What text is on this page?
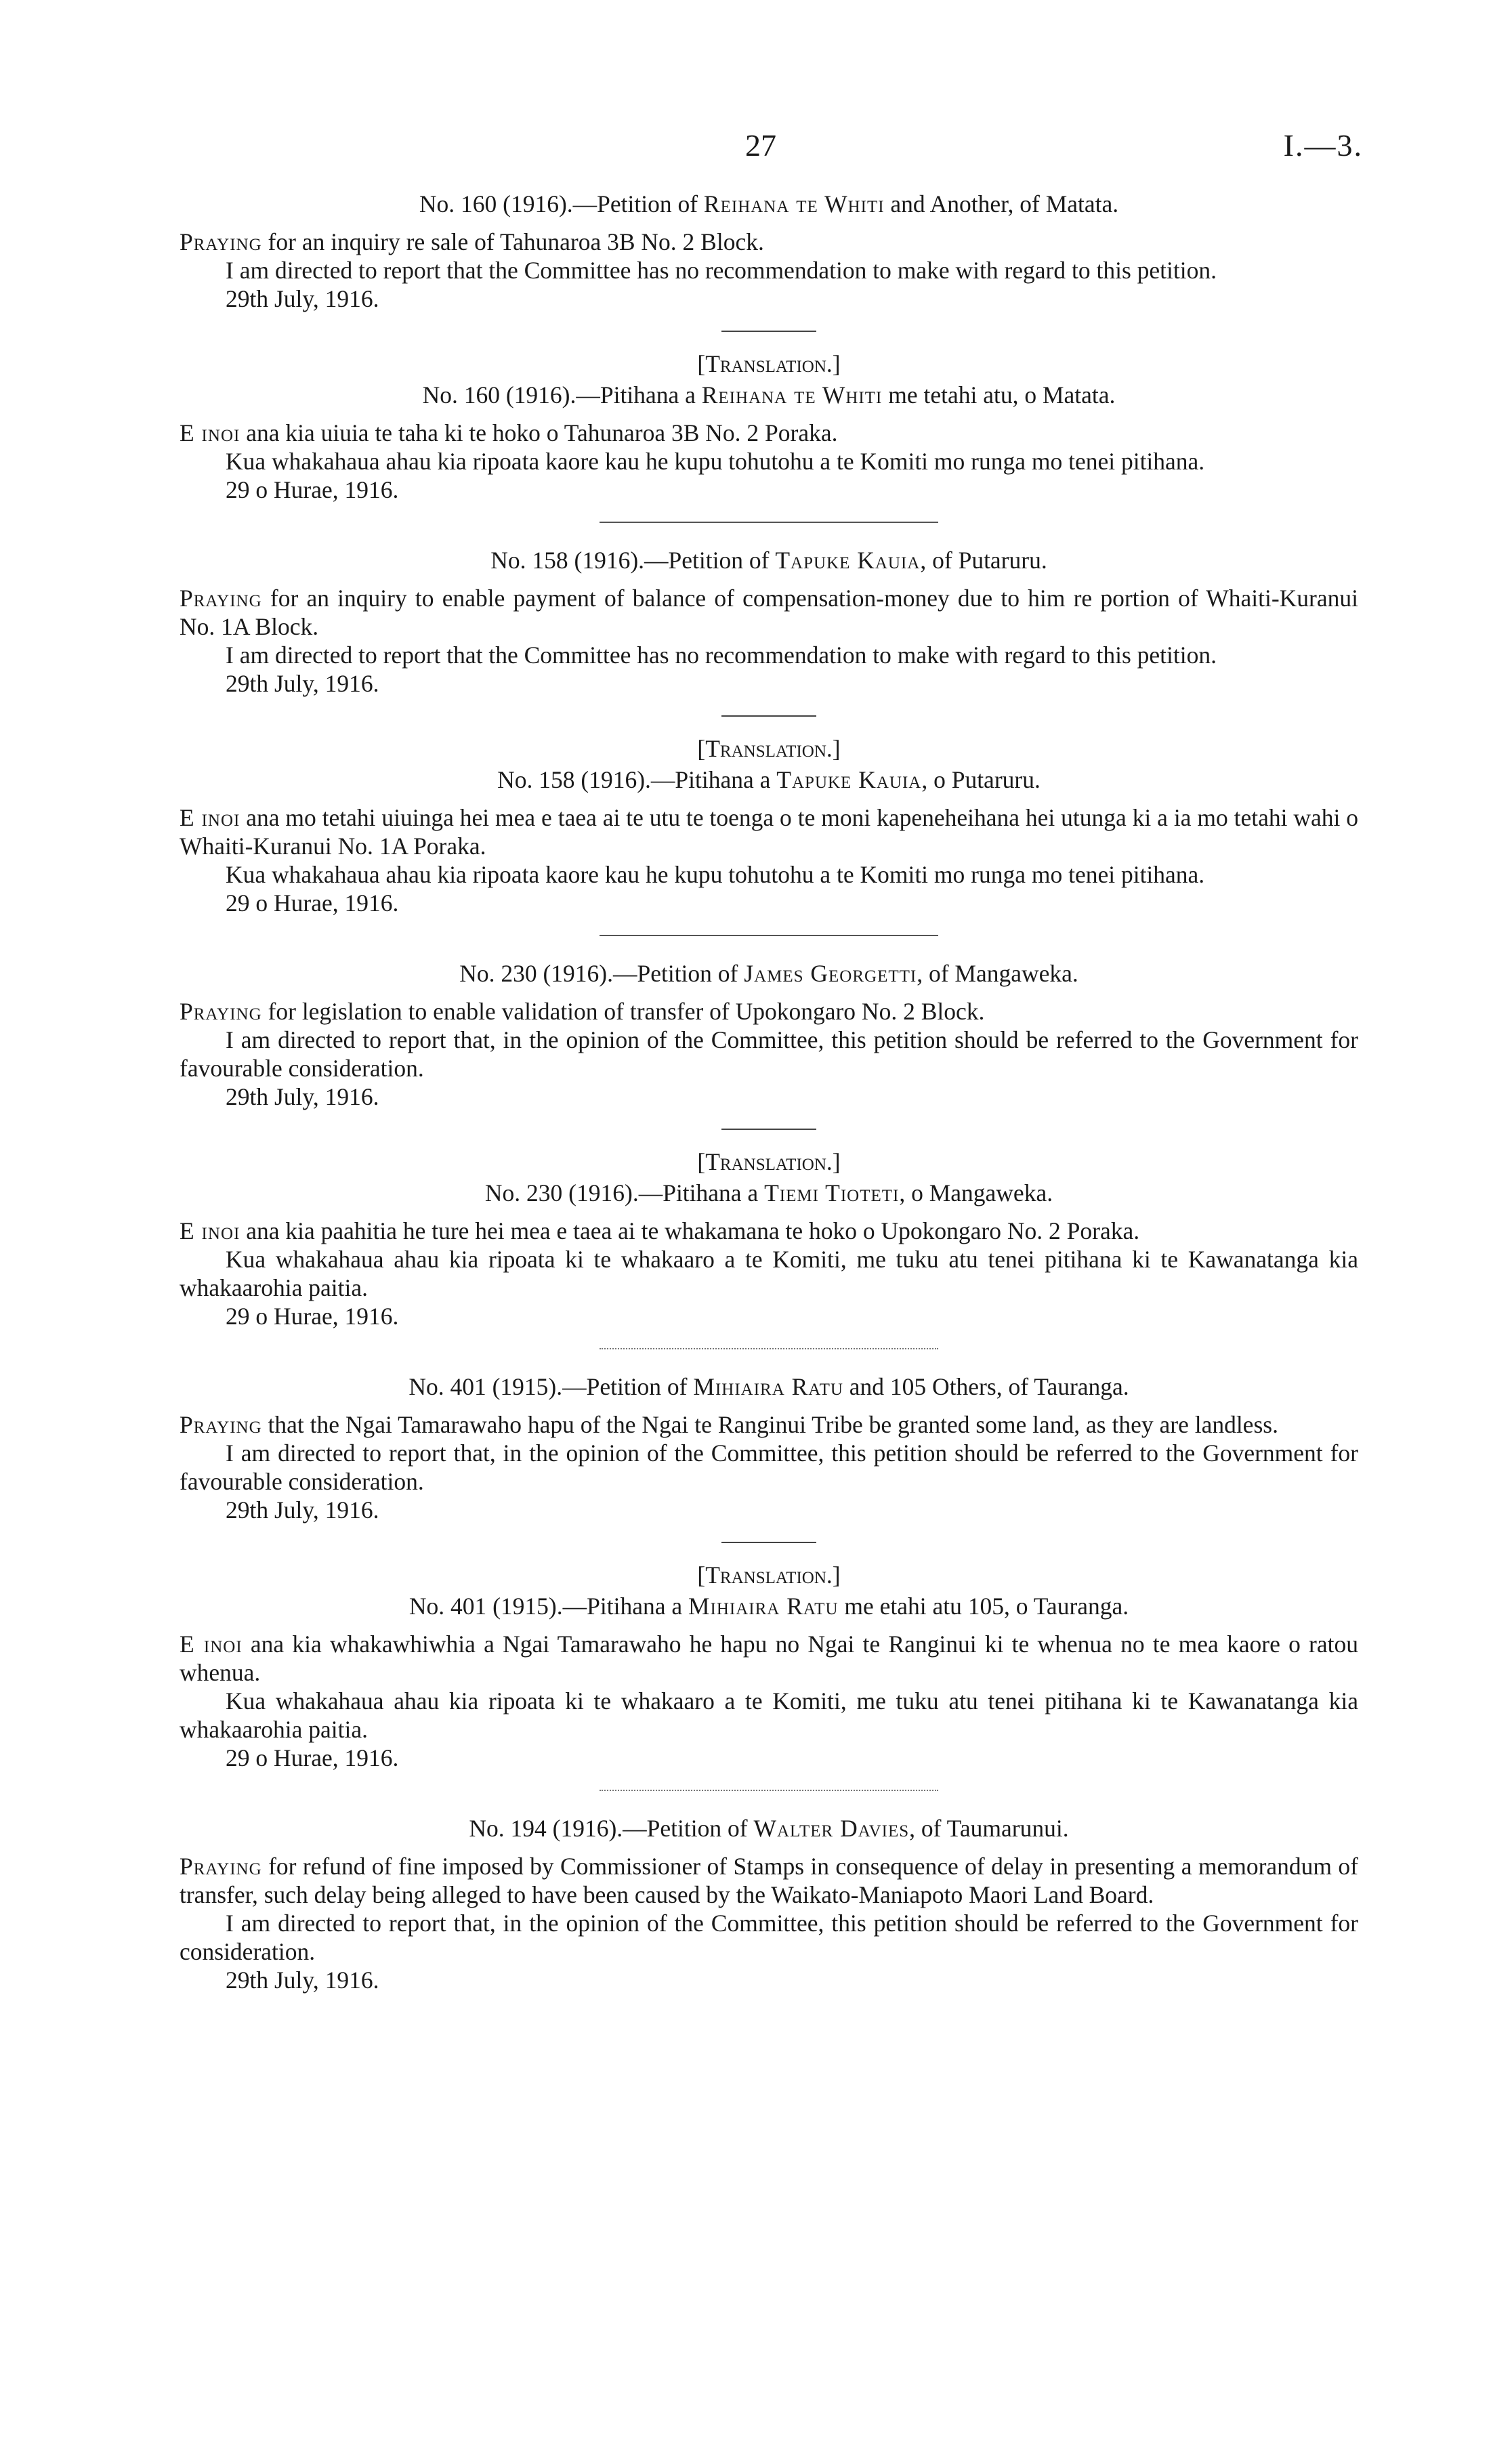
27	I.—3.

No. 160 (1916).—Petition of Reihana te Whiti and Another, of Matata.

Praying for an inquiry re sale of Tahunaroa 3B No. 2 Block.

I am directed to report that the Committee has no recommendation to make with regard to this petition.

29th July, 1916.

[Translation.]

No. 160 (1916).—Pitihana a Reihana te Whiti me tetahi atu, o Matata.

E inoi ana kia uiuia te taha ki te hoko o Tahunaroa 3B No. 2 Poraka.

Kua whakahaua ahau kia ripoata kaore kau he kupu tohutohu a te Komiti mo runga mo tenei pitihana.

29 o Hurae, 1916.

No. 158 (1916).—Petition of Tapuke Kauia, of Putaruru.

Praying for an inquiry to enable payment of balance of compensation-money due to him re portion of Whaiti-Kuranui No. 1A Block.

I am directed to report that the Committee has no recommendation to make with regard to this petition.

29th July, 1916.

[Translation.]

No. 158 (1916).—Pitihana a Tapuke Kauia, o Putaruru.

E inoi ana mo tetahi uiuinga hei mea e taea ai te utu te toenga o te moni kapeneheihana hei utunga ki a ia mo tetahi wahi o Whaiti-Kuranui No. 1A Poraka.

Kua whakahaua ahau kia ripoata kaore kau he kupu tohutohu a te Komiti mo runga mo tenei pitihana.

29 o Hurae, 1916.

No. 230 (1916).—Petition of James Georgetti, of Mangaweka.

Praying for legislation to enable validation of transfer of Upokongaro No. 2 Block.

I am directed to report that, in the opinion of the Committee, this petition should be referred to the Government for favourable consideration.

29th July, 1916.

[Translation.]

No. 230 (1916).—Pitihana a Tiemi Tioteti, o Mangaweka.

E inoi ana kia paahitia he ture hei mea e taea ai te whakamana te hoko o Upokongaro No. 2 Poraka.

Kua whakahaua ahau kia ripoata ki te whakaaro a te Komiti, me tuku atu tenei pitihana ki te Kawanatanga kia whakaarohia paitia.

29 o Hurae, 1916.

No. 401 (1915).—Petition of Mihiaira Ratu and 105 Others, of Tauranga.

Praying that the Ngai Tamarawaho hapu of the Ngai te Ranginui Tribe be granted some land, as they are landless.

I am directed to report that, in the opinion of the Committee, this petition should be referred to the Government for favourable consideration.

29th July, 1916.

[Translation.]

No. 401 (1915).—Pitihana a Mihiaira Ratu me etahi atu 105, o Tauranga.

E inoi ana kia whakawhiwhia a Ngai Tamarawaho he hapu no Ngai te Ranginui ki te whenua no te mea kaore o ratou whenua.

Kua whakahaua ahau kia ripoata ki te whakaaro a te Komiti, me tuku atu tenei pitihana ki te Kawanatanga kia whakaarohia paitia.

29 o Hurae, 1916.

No. 194 (1916).—Petition of Walter Davies, of Taumarunui.

Praying for refund of fine imposed by Commissioner of Stamps in consequence of delay in presenting a memorandum of transfer, such delay being alleged to have been caused by the Waikato-Maniapoto Maori Land Board.

I am directed to report that, in the opinion of the Committee, this petition should be referred to the Government for consideration.

29th July, 1916.
